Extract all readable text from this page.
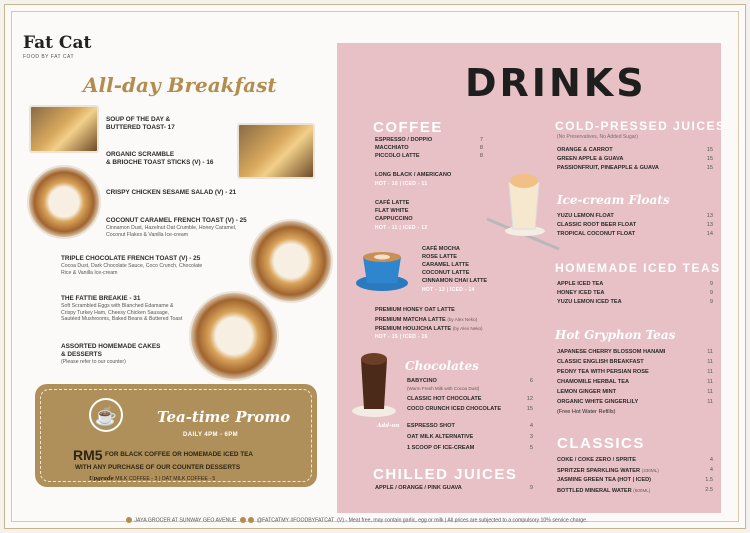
Fat Cat
FOOD BY FAT CAT
All-day Breakfast
SOUP OF THE DAY &
BUTTERED TOAST- 17
ORGANIC SCRAMBLE
& BRIOCHE TOAST STICKS (V) - 16
CRISPY CHICKEN SESAME SALAD (V) - 21
COCONUT CARAMEL FRENCH TOAST (V) - 25
Cinnamon Dust, Hazelnut Oat Crumble, Honey Caramel, Coconut Flakes & Vanilla Ice-cream
TRIPLE CHOCOLATE FRENCH TOAST (V) - 25
Cocoa Dust, Dark Chocolate Sauce, Coco Crunch, Chocolate Rice & Vanilla Ice-cream
THE FATTIE BREAKIE - 31
Soft Scrambled Eggs with Blanched Edamame & Crispy Turkey Ham, Cheesy Chicken Sausage, Sautéed Mushrooms, Baked Beans & Buttered Toast
ASSORTED HOMEMADE CAKES
& DESSERTS
(Please refer to our counter)
☕	Tea-time Promo
DAILY 4PM - 6PM
RM5 FOR BLACK COFFEE OR HOMEMADE ICED TEA
WITH ANY PURCHASE OF OUR COUNTER DESSERTS
Upgrade MILK COFFEE - 3 | OAT MILK COFFEE - 5
JAYA GROCER AT SUNWAY GEO AVENUE	@FATCATMY #FOODBYFATCAT (V) - Meat free, may contain garlic, egg or milk | All prices are subjected to a compulsory 10% service charge.
DRINKS
COFFEE
ESPRESSO / DOPPIO	7
MACCHIATO	8
PICCOLO LATTE	8
LONG BLACK / AMERICANO
HOT - 10 | ICED - 11
CAFÉ LATTE
FLAT WHITE
CAPPUCCINO
HOT - 11 | ICED - 12
CAFÉ MOCHA
ROSE LATTE
CARAMEL LATTE
COCONUT LATTE
CINNAMON CHAI LATTE
HOT - 13 | ICED - 14
PREMIUM HONEY OAT LATTE
PREMIUM MATCHA LATTE (by Alex Neko)
PREMIUM HOUJICHA LATTE (by Alex Neko)
HOT - 15 | ICED - 16
Chocolates
BABYCINO	6
(Warm Fresh Milk with Cocoa Dust)
CLASSIC HOT CHOCOLATE	12
COCO CRUNCH ICED CHOCOLATE	15
Add-on ESPRESSO SHOT	4
OAT MILK ALTERNATIVE	3
1 SCOOP OF ICE-CREAM	5
CHILLED JUICES
APPLE / ORANGE / PINK GUAVA	9
COLD-PRESSED JUICES
(No Preservatives, No Added Sugar)
ORANGE & CARROT	15
GREEN APPLE & GUAVA	15
PASSIONFRUIT, PINEAPPLE & GUAVA	15
Ice-cream Floats
YUZU LEMON FLOAT	13
CLASSIC ROOT BEER FLOAT	13
TROPICAL COCONUT FLOAT	14
HOMEMADE ICED TEAS
APPLE ICED TEA	9
HONEY ICED TEA	9
YUZU LEMON ICED TEA	9
Hot Gryphon Teas
JAPANESE CHERRY BLOSSOM HANAMI	11
CLASSIC ENGLISH BREAKFAST	11
PEONY TEA WITH PERSIAN ROSE	11
CHAMOMILE HERBAL TEA	11
LEMON GINGER MINT	11
ORGANIC WHITE GINGERLILY	11
(Free Hot Water Refills)
CLASSICS
COKE / COKE ZERO / SPRITE	4
SPRITZER SPARKLING WATER (330ML)	4
JASMINE GREEN TEA (HOT | ICED)	1.5
BOTTLED MINERAL WATER (600ML)	2.5
